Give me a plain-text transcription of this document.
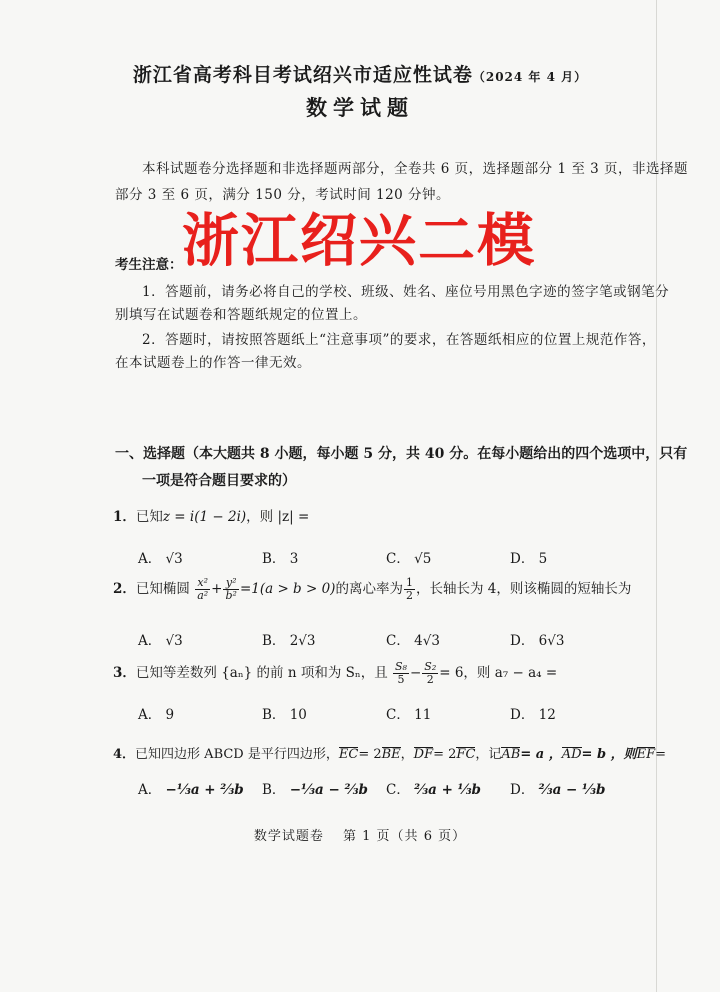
浙江省高考科目考试绍兴市适应性试卷（2024 年 4 月）
数学试题
本科试题卷分选择题和非选择题两部分，全卷共 6 页，选择题部分 1 至 3 页，非选择题
部分 3 至 6 页，满分 150 分，考试时间 120 分钟。
浙江绍兴二模
考生注意：
1．答题前，请务必将自己的学校、班级、姓名、座位号用黑色字迹的签字笔或钢笔分
别填写在试题卷和答题纸规定的位置上。
2．答题时，请按照答题纸上“注意事项”的要求，在答题纸相应的位置上规范作答，
在本试题卷上的作答一律无效。
一、选择题（本大题共 8 小题，每小题 5 分，共 40 分。在每小题给出的四个选项中，只有
一项是符合题目要求的）
1．已知z = i(1 − 2i)，则 |z| =
A． √3	B． 3	C． √5	D． 5
2．已知椭圆 $\frac{\text{x²}}{\text{a²}} + \frac{\text{y²}}{\text{b²}} =1(a > b > 0)$的离心率为 $\frac{1}{2}$ ，长轴长为 4，则该椭圆的短轴长为
A． √3	B． 2√3	C． 4√3	D． 6√3
3．已知等差数列 {aₙ} 的前 n 项和为 Sₙ，且 $\frac{\text{S₈}}{5} - \frac{\text{S₂}}{2} = 6$，则 a₇ − a₄ =
A． 9	B． 10	C． 11	D． 12
4．已知四边形 ABCD 是平行四边形，EC= 2BE，DF= 2FC，记AB= a ，AD= b ，则EF=
A． −⅓a + ⅔b B． −⅓a − ⅔b C． ⅔a + ⅓b D． ⅔a − ⅓b
数学试题卷　 第 1 页（共 6 页）
